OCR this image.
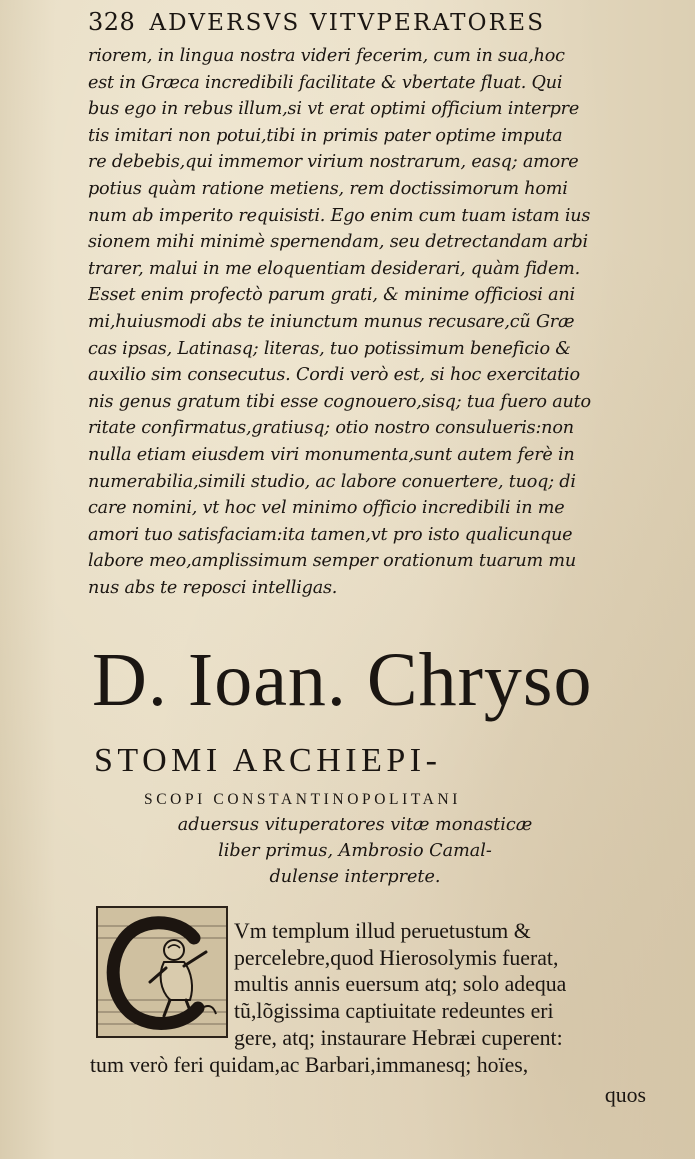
328 ADVERSVS VITVPERATORES
riorem, in lingua nostra videri fecerim, cum in sua,hoc
est in Græca incredibili facilitate & vbertate fluat. Qui
bus ego in rebus illum,si vt erat optimi officium interpre
tis imitari non potui,tibi in primis pater optime imputa
re debebis,qui immemor virium nostrarum, easq; amore
potius quàm ratione metiens, rem doctissimorum homi
num ab imperito requisisti. Ego enim cum tuam istam ius
sionem mihi minimè spernendam, seu detrectandam arbi
trarer, malui in me eloquentiam desiderari, quàm fidem.
Esset enim profectò parum grati, & minime officiosi ani
mi,huiusmodi abs te iniunctum munus recusare,cũ Græ
cas ipsas, Latinasq; literas, tuo potissimum beneficio &
auxilio sim consecutus. Cordi verò est, si hoc exercitatio
nis genus gratum tibi esse cognouero,sisq; tua fuero auto
ritate confirmatus,gratiusq; otio nostro consulueris:non
nulla etiam eiusdem viri monumenta,sunt autem ferè in
numerabilia,simili studio, ac labore conuertere, tuoq; di
care nomini, vt hoc vel minimo officio incredibili in me
amori tuo satisfaciam:ita tamen,vt pro isto qualicunque
labore meo,amplissimum semper orationum tuarum mu
nus abs te reposci intelligas.
D. Ioan. Chryso
STOMI ARCHIEPI-
SCOPI CONSTANTINOPOLITANI
aduersus vituperatores vitæ monasticæ
liber primus, Ambrosio Camal-
dulense interprete.
Vm templum illud peruetustum &
percelebre,quod Hierosolymis fuerat,
multis annis euersum atq; solo adequa
tũ,lõgissima captiuitate redeuntes eri
gere, atq; instaurare Hebræi cuperent:
tum verò feri quidam,ac Barbari,immanesq; hoïes,
quos
